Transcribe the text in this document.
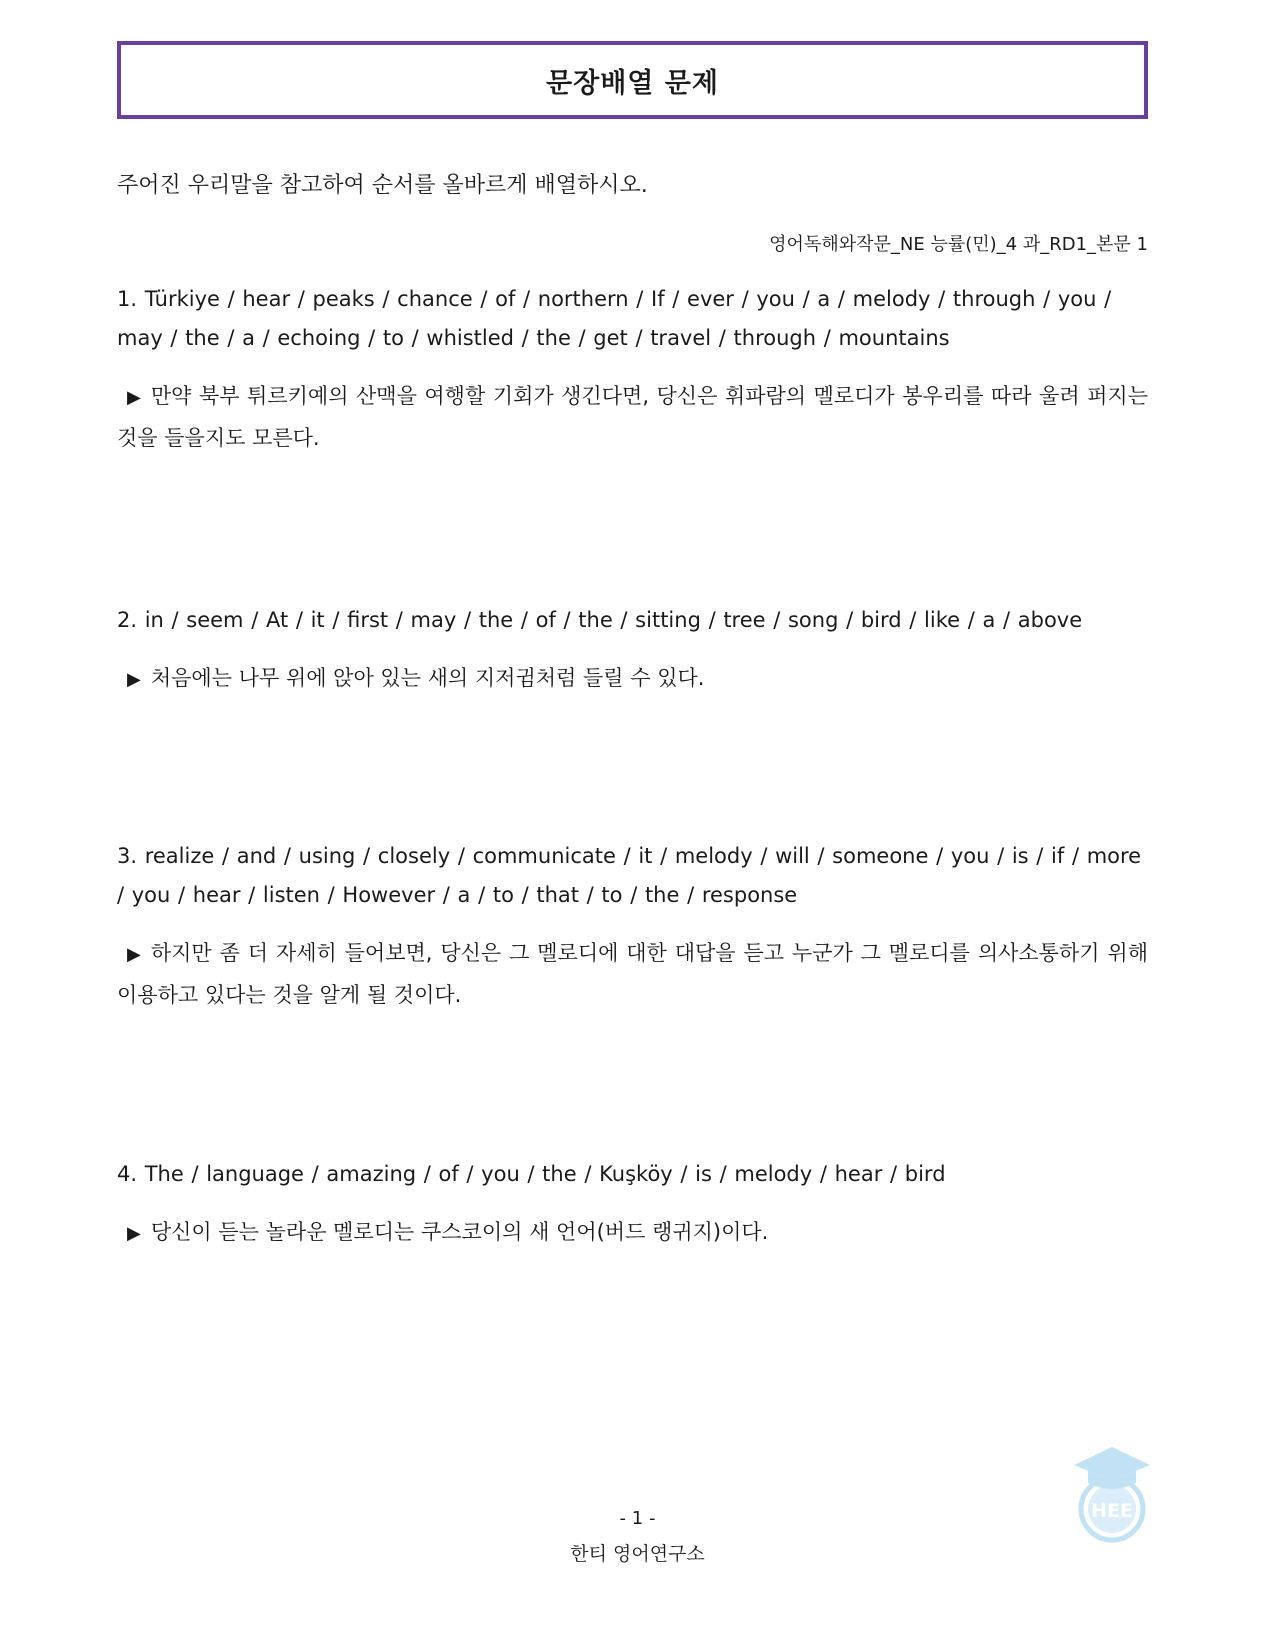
문장배열 문제
주어진 우리말을 참고하여 순서를 올바르게 배열하시오.
영어독해와작문_NE 능률(민)_4 과_RD1_본문 1

1. Türkiye / hear / peaks / chance / of / northern / If / ever / you / a / melody / through / you / may / the / a / echoing / to / whistled / the / get / travel / through / mountains

▶ 만약 북부 튀르키예의 산맥을 여행할 기회가 생긴다면, 당신은 휘파람의 멜로디가 봉우리를 따라 울려 퍼지는 것을 들을지도 모른다.

2. in / seem / At / it / first / may / the / of / the / sitting / tree / song / bird / like / a / above

▶ 처음에는 나무 위에 앉아 있는 새의 지저귐처럼 들릴 수 있다.

3. realize / and / using / closely / communicate / it / melody / will / someone / you / is / if / more / you / hear / listen / However / a / to / that / to / the / response

▶ 하지만 좀 더 자세히 들어보면, 당신은 그 멜로디에 대한 대답을 듣고 누군가 그 멜로디를 의사소통하기 위해 이용하고 있다는 것을 알게 될 것이다.

4. The / language / amazing / of / you / the / Kuşköy / is / melody / hear / bird

▶ 당신이 듣는 놀라운 멜로디는 쿠스코이의 새 언어(버드 랭귀지)이다.

- 1 -
한티 영어연구소
HEE
